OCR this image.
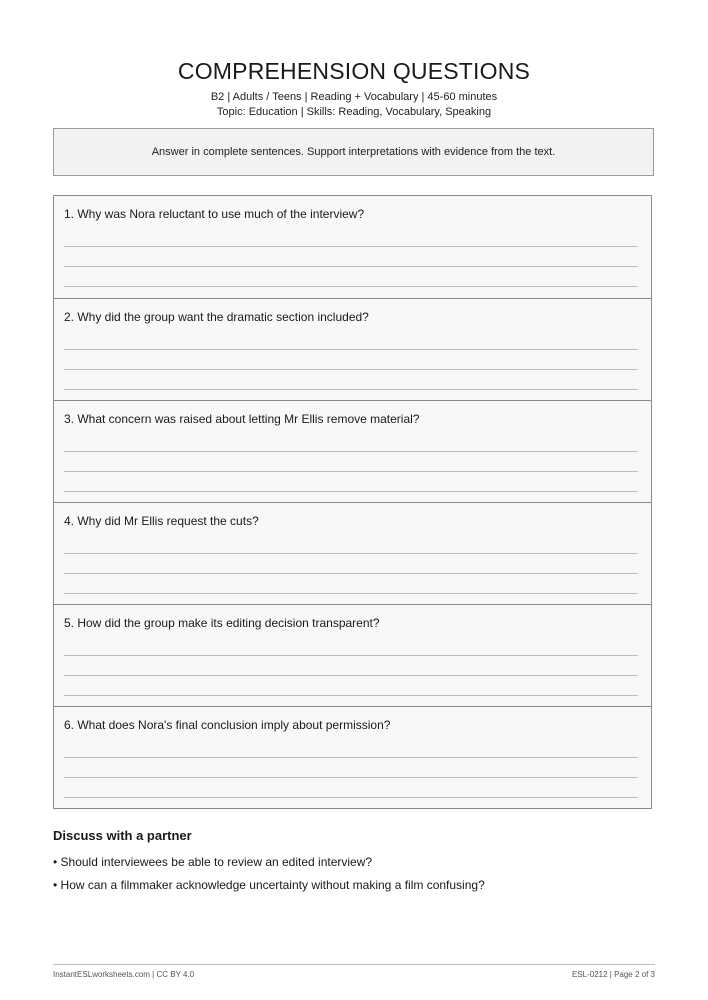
COMPREHENSION QUESTIONS
B2 | Adults / Teens | Reading + Vocabulary | 45-60 minutes
Topic: Education | Skills: Reading, Vocabulary, Speaking
Answer in complete sentences. Support interpretations with evidence from the text.
1. Why was Nora reluctant to use much of the interview?
2. Why did the group want the dramatic section included?
3. What concern was raised about letting Mr Ellis remove material?
4. Why did Mr Ellis request the cuts?
5. How did the group make its editing decision transparent?
6. What does Nora's final conclusion imply about permission?
Discuss with a partner
• Should interviewees be able to review an edited interview?
• How can a filmmaker acknowledge uncertainty without making a film confusing?
InstantESLworksheets.com | CC BY 4.0	ESL-0212 | Page 2 of 3
